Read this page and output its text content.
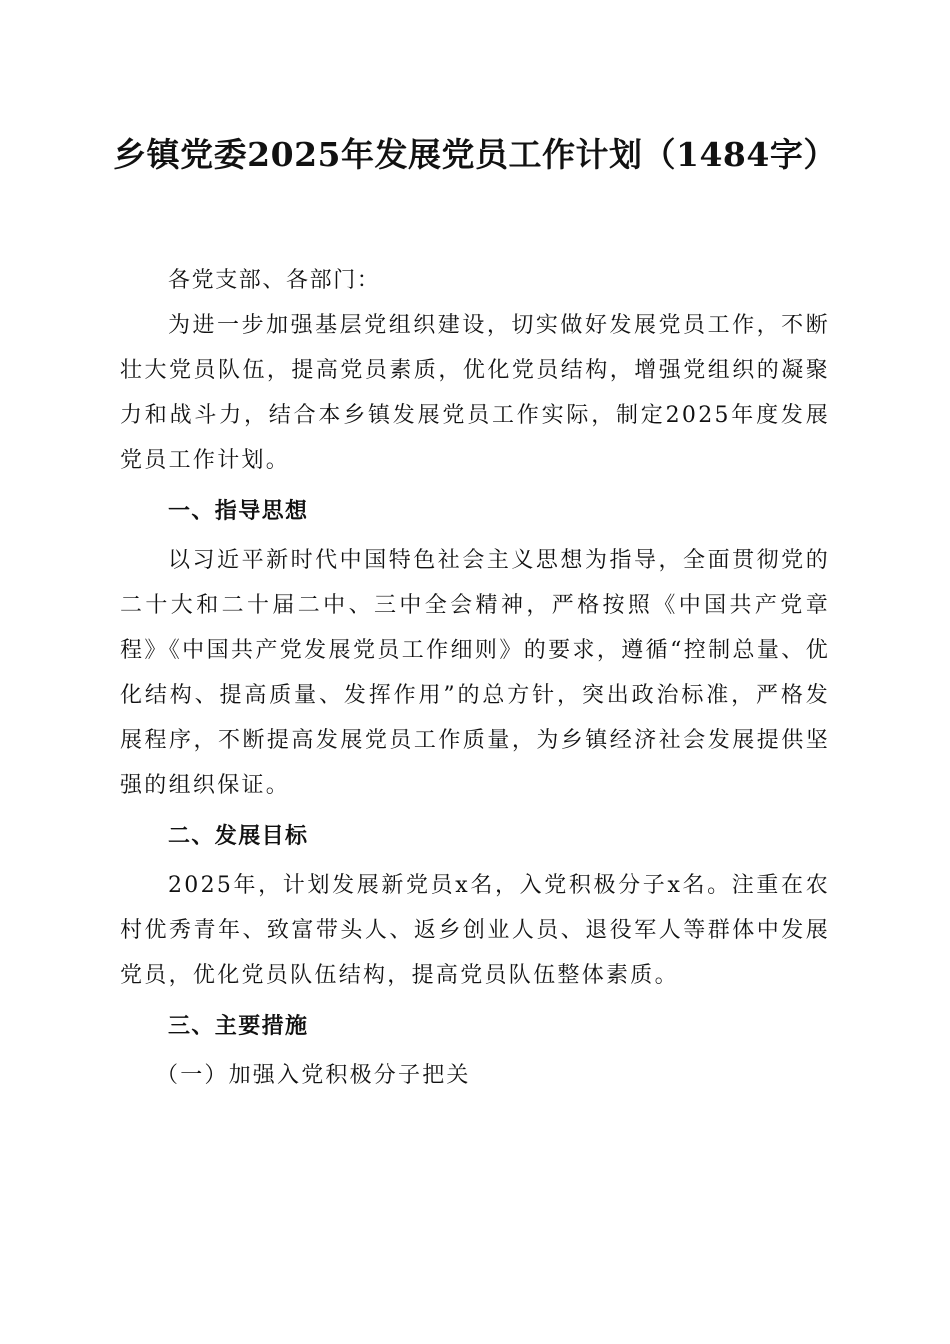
乡镇党委2025年发展党员工作计划（1484字）

各党支部、各部门：

为进一步加强基层党组织建设，切实做好发展党员工作，不断壮大党员队伍，提高党员素质，优化党员结构，增强党组织的凝聚力和战斗力，结合本乡镇发展党员工作实际，制定2025年度发展党员工作计划。

一、指导思想

以习近平新时代中国特色社会主义思想为指导，全面贯彻党的二十大和二十届二中、三中全会精神，严格按照《中国共产党章程》《中国共产党发展党员工作细则》的要求，遵循“控制总量、优化结构、提高质量、发挥作用”的总方针，突出政治标准，严格发展程序，不断提高发展党员工作质量，为乡镇经济社会发展提供坚强的组织保证。

二、发展目标

2025年，计划发展新党员x名，入党积极分子x名。注重在农村优秀青年、致富带头人、返乡创业人员、退役军人等群体中发展党员，优化党员队伍结构，提高党员队伍整体素质。

三、主要措施

（一）加强入党积极分子把关
